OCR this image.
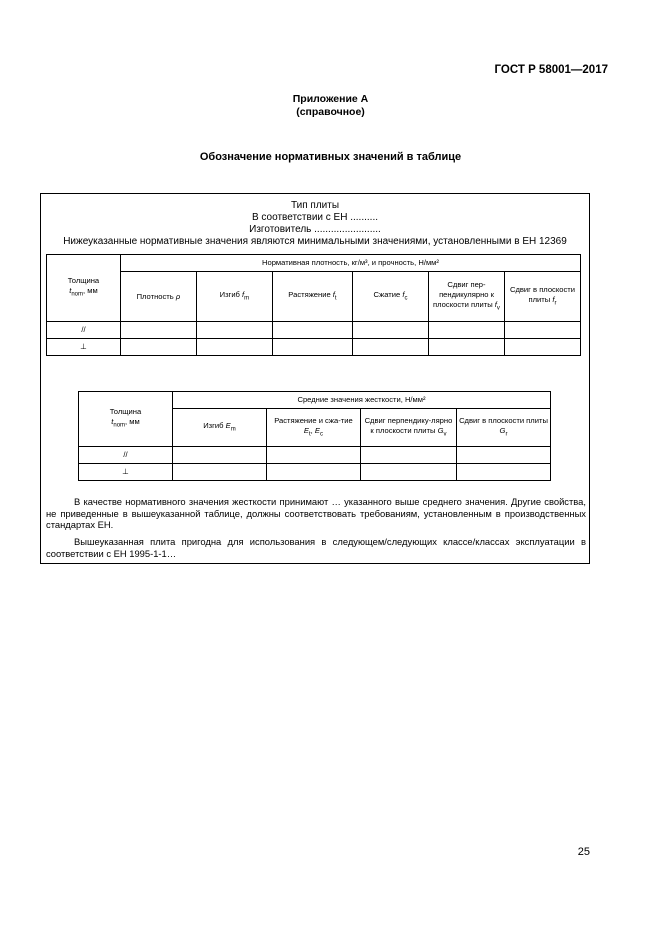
ГОСТ Р 58001—2017
Приложение А
(справочное)
Обозначение нормативных значений в таблице
Тип плиты
В соответствии с ЕН ..........
Изготовитель ........................
Нижеуказанные нормативные значения являются минимальными значениями, установленными в ЕН 12369
Толщина
$t_{nom}$, мм	Нормативная плотность, кг/м³, и прочность, Н/мм²					
	Плотность ρ	Изгиб $f_m$	Растяжение $f_t$	Сжатие $f_c$	Сдвиг пер-пендикулярно к плоскости плиты $f_v$	Сдвиг в плоскости плиты $f_r$
//						
⊥						
Толщина
$t_{nom}$, мм	Средние значения жесткости, Н/мм²			
	Изгиб $E_m$	Растяжение и сжа-тие $E_t$, $E_c$	Сдвиг перпендику-лярно к плоскости плиты $G_v$	Сдвиг в плоскости плиты $G_r$
//				
⊥				
В качестве нормативного значения жесткости принимают … указанного выше среднего значения. Другие свойства, не приведенные в вышеуказанной таблице, должны соответствовать требованиям, установленным в производственных стандартах ЕН.
Вышеуказанная плита пригодна для использования в следующем/следующих классе/классах эксплуатации в соответствии с ЕН 1995-1-1…
25
